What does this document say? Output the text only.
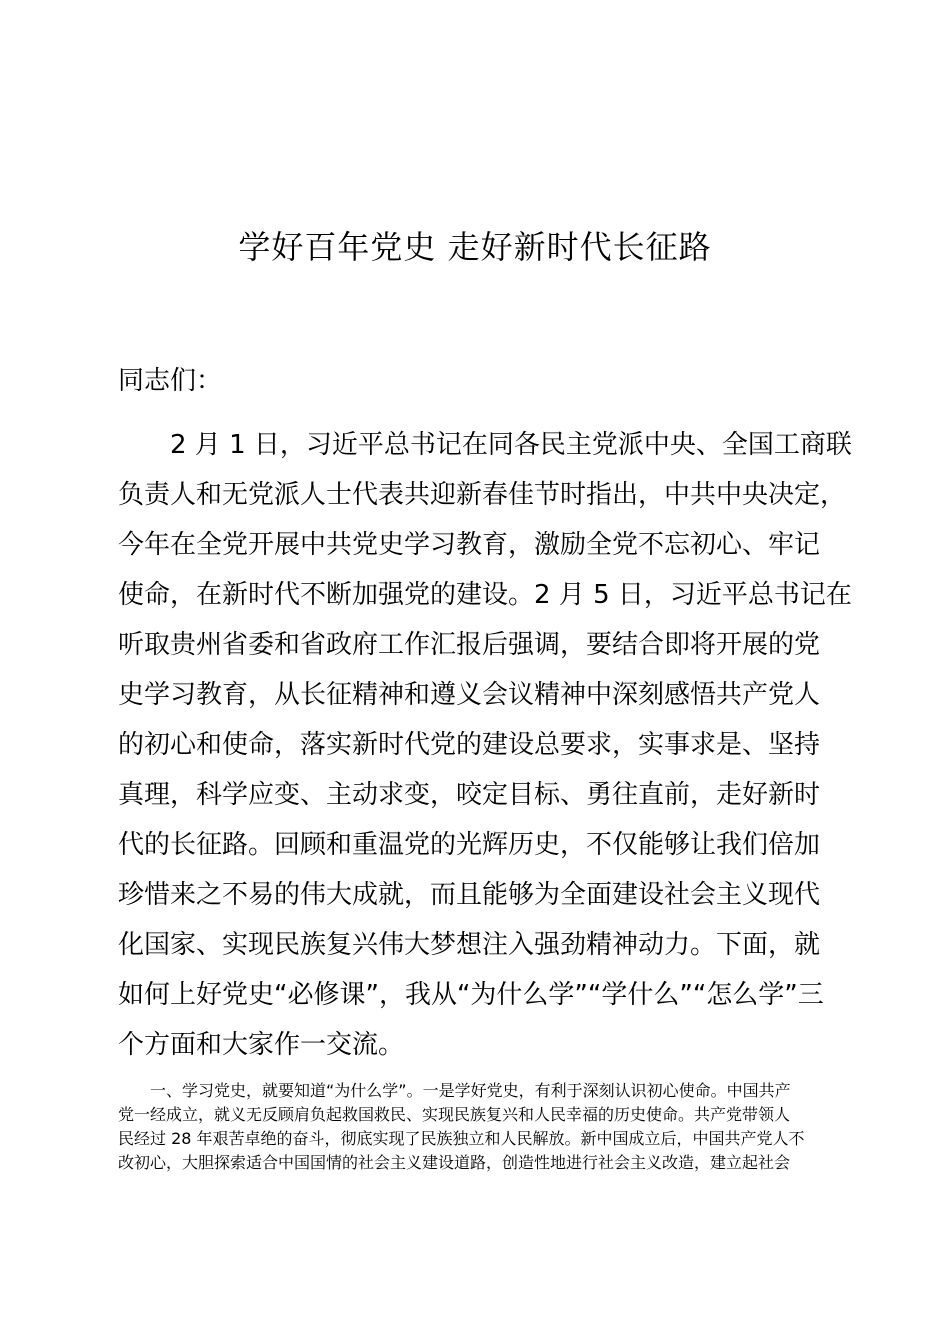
学好百年党史 走好新时代长征路

同志们：

2 月 1 日，习近平总书记在同各民主党派中央、全国工商联
负责人和无党派人士代表共迎新春佳节时指出，中共中央决定，
今年在全党开展中共党史学习教育，激励全党不忘初心、牢记
使命，在新时代不断加强党的建设。2 月 5 日，习近平总书记在
听取贵州省委和省政府工作汇报后强调，要结合即将开展的党
史学习教育，从长征精神和遵义会议精神中深刻感悟共产党人
的初心和使命，落实新时代党的建设总要求，实事求是、坚持
真理，科学应变、主动求变，咬定目标、勇往直前，走好新时
代的长征路。回顾和重温党的光辉历史，不仅能够让我们倍加
珍惜来之不易的伟大成就，而且能够为全面建设社会主义现代
化国家、实现民族复兴伟大梦想注入强劲精神动力。下面，就
如何上好党史“必修课”，我从“为什么学”“学什么”“怎么学”三
个方面和大家作一交流。
一、学习党史，就要知道“为什么学”。一是学好党史，有利于深刻认识初心使命。中国共产
党一经成立，就义无反顾肩负起救国救民、实现民族复兴和人民幸福的历史使命。共产党带领人
民经过 28 年艰苦卓绝的奋斗，彻底实现了民族独立和人民解放。新中国成立后，中国共产党人不
改初心，大胆探索适合中国国情的社会主义建设道路，创造性地进行社会主义改造，建立起社会
